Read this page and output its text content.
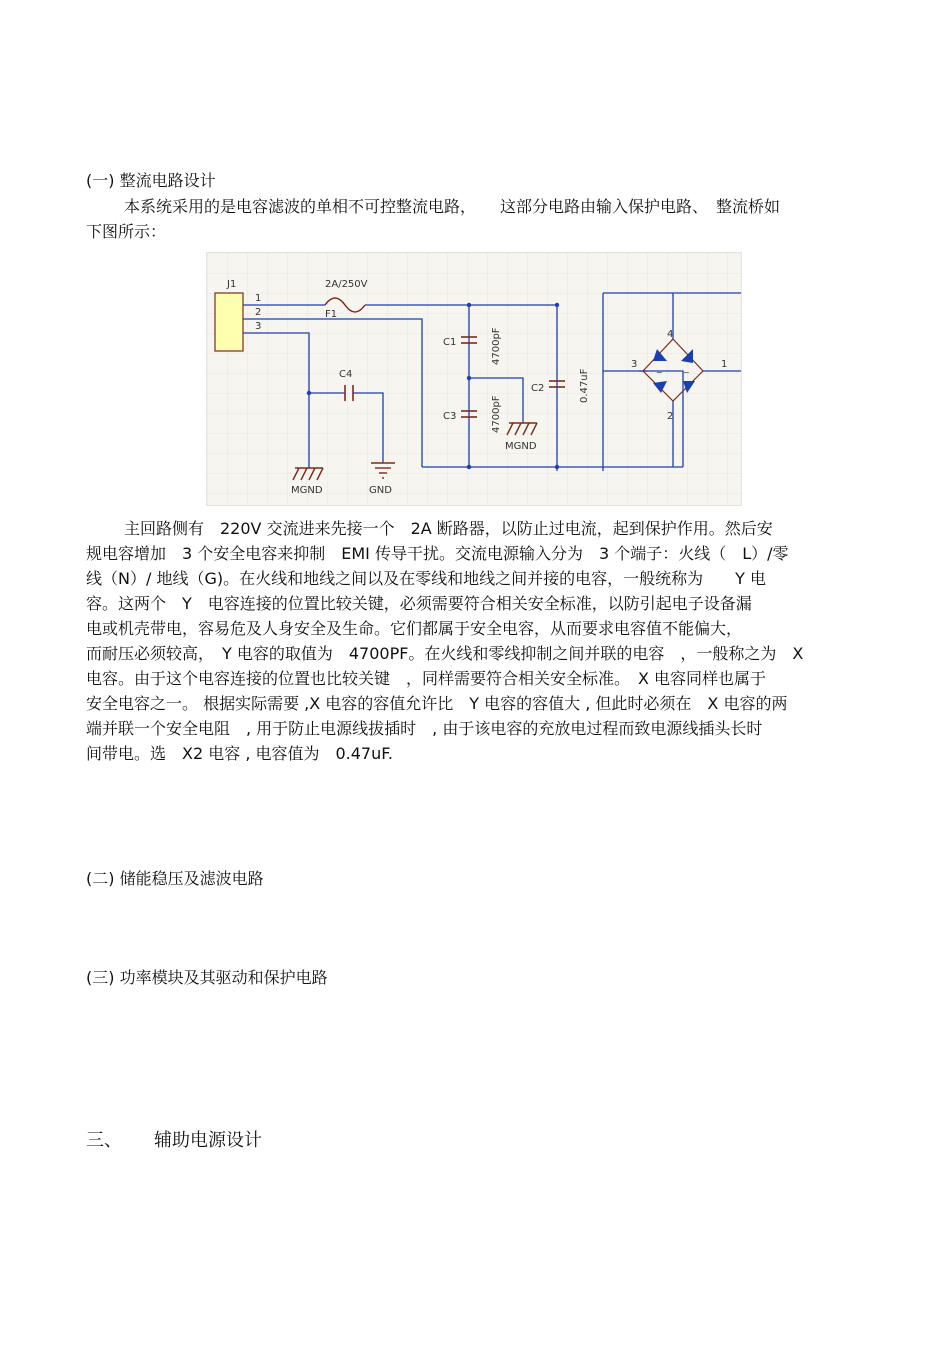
(一) 整流电路设计
本系统采用的是电容滤波的单相不可控整流电路，　　这部分电路由输入保护电路、　整流桥如
下图所示：
J1
1
2
3
2A/250V
F1
C1	4700pF
C3	4700pF
C2	0.47uF
C4
MGND
MGND	GND
~	~
4
3	1
2
主回路侧有　220V 交流进来先接一个　2A 断路器，以防止过电流，起到保护作用。然后安
规电容增加　3 个安全电容来抑制　EMI 传导干扰。交流电源输入分为　3 个端子：火线（　L）/零
线（N）/ 地线（G)。在火线和地线之间以及在零线和地线之间并接的电容，一般统称为　　Y 电
容。这两个　Y　电容连接的位置比较关键，必须需要符合相关安全标准，以防引起电子设备漏
电或机壳带电，容易危及人身安全及生命。它们都属于安全电容，从而要求电容值不能偏大，
而耐压必须较高，　Y 电容的取值为　4700PF。在火线和零线抑制之间并联的电容　，一般称之为　X
电容。由于这个电容连接的位置也比较关键　，同样需要符合相关安全标准。　X 电容同样也属于
安全电容之一。 根据实际需要 ,X 电容的容值允许比　Y 电容的容值大 , 但此时必须在　X 电容的两
端并联一个安全电阻　, 用于防止电源线拔插时　, 由于该电容的充放电过程而致电源线插头长时
间带电。选　X2 电容 , 电容值为　0.47uF.
(二) 储能稳压及滤波电路
(三) 功率模块及其驱动和保护电路
三、 辅助电源设计
